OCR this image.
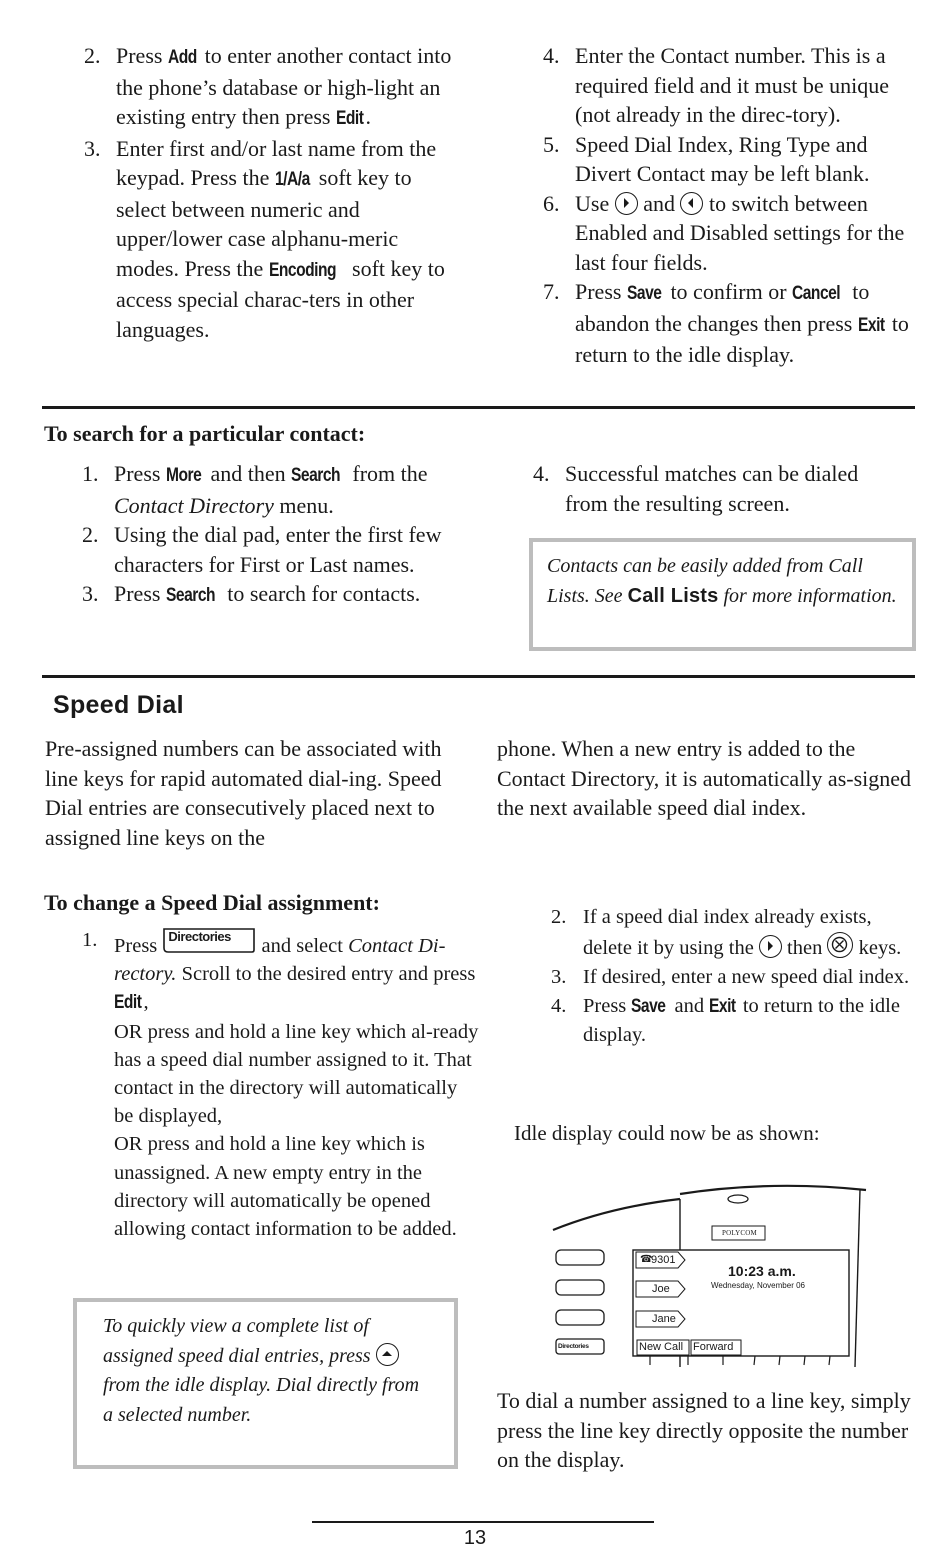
2. Press Add to enter another contact into the phone’s database or high-light an existing entry then press Edit.
3. Enter first and/or last name from the keypad. Press the 1/A/a soft key to select between numeric and upper/lower case alphanu-meric modes. Press the Encoding soft key to access special charac-ters in other languages.
4. Enter the Contact number. This is a required field and it must be unique (not already in the direc-tory).
5. Speed Dial Index, Ring Type and Divert Contact may be left blank.
6. Use
and
to switch between Enabled and Disabled settings for the last four fields.
7. Press Save to confirm or Cancel to abandon the changes then press Exit to return to the idle display.
To search for a particular contact:
1. Press More and then Search from the Contact Directory menu.
2. Using the dial pad, enter the first few characters for First or Last names.
3. Press Search to search for contacts.
4. Successful matches can be dialed from the resulting screen.
Contacts can be easily added from Call Lists. See Call Lists for more information.
Speed Dial
Pre-assigned numbers can be associated with line keys for rapid automated dial-ing. Speed Dial entries are consecutively placed next to assigned line keys on the
phone. When a new entry is added to the Contact Directory, it is automatically as-signed the next available speed dial index.
To change a Speed Dial assignment:
1. Press Directories and select Contact Di-rectory. Scroll to the desired entry and press Edit,
OR press and hold a line key which al-ready has a speed dial number assigned to it. That contact in the directory will automatically be displayed,
OR press and hold a line key which is unassigned. A new empty entry in the directory will automatically be opened allowing contact information to be added.
2. If a speed dial index already exists, delete it by using the
then
keys.
3. If desired, enter a new speed dial index.
4. Press Save and Exit to return to the idle display.
Idle display could now be as shown:
POLYCOM
☎
9301
Joe
Jane
10:23 a.m.
Wednesday, November 06
New Call Forward
Directories
To quickly view a complete list of assigned speed dial entries, press
from the idle display. Dial directly from a selected number.
To dial a number assigned to a line key, simply press the line key directly opposite the number on the display.
13
